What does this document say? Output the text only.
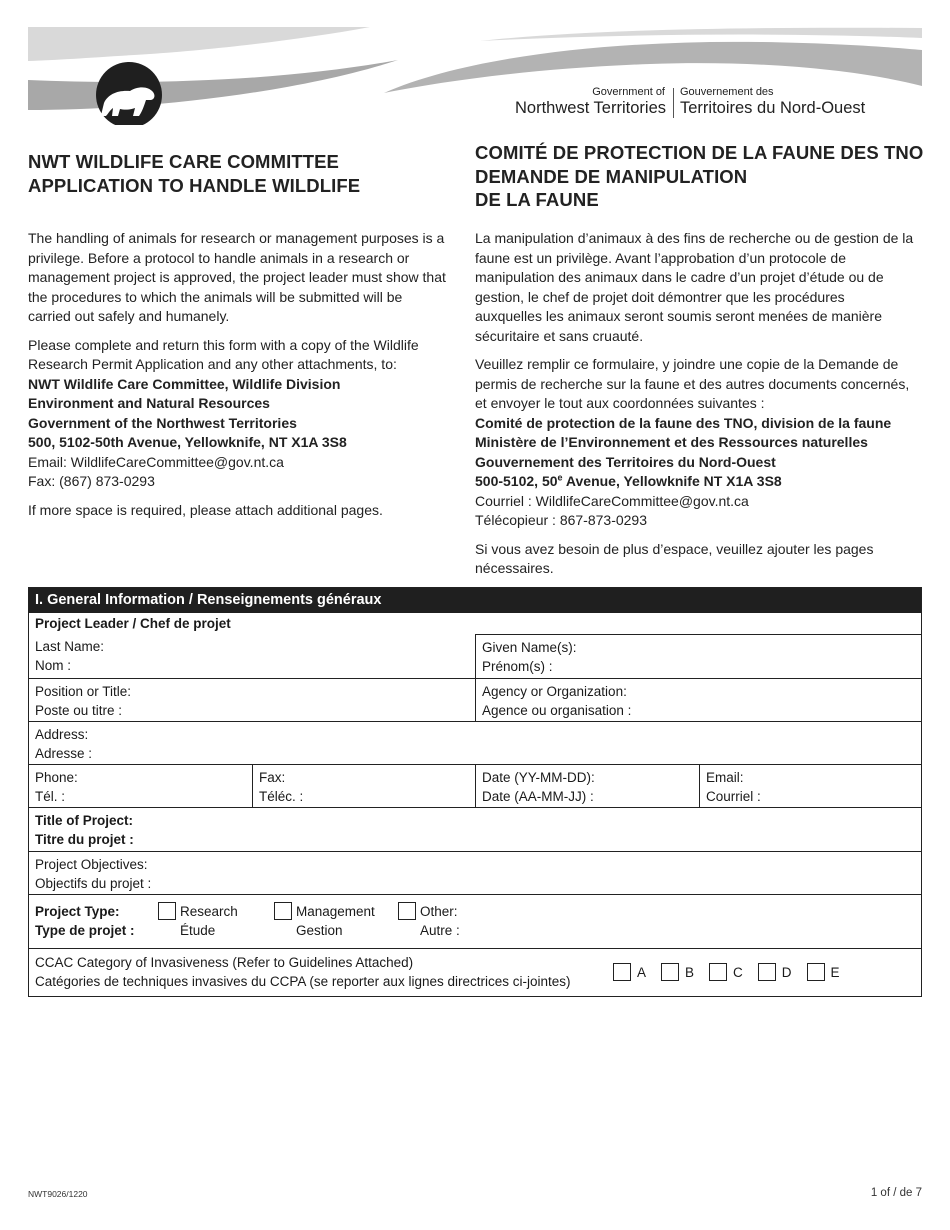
Government of
Northwest Territories
Gouvernement des
Territoires du Nord-Ouest
NWT WILDLIFE CARE COMMITTEE
APPLICATION TO HANDLE WILDLIFE
COMITÉ DE PROTECTION DE LA FAUNE DES TNO
DEMANDE DE MANIPULATION
DE LA FAUNE

The handling of animals for research or management purposes is a privilege. Before a protocol to handle animals in a research or management project is approved, the project leader must show that the procedures to which the animals will be submitted will be carried out safely and humanely.

Please complete and return this form with a copy of the Wildlife Research Permit Application and any other attachments, to:
NWT Wildlife Care Committee, Wildlife Division
Environment and Natural Resources
Government of the Northwest Territories
500, 5102-50th Avenue, Yellowknife, NT X1A 3S8
Email: WildlifeCareCommittee@gov.nt.ca
Fax: (867) 873-0293

If more space is required, please attach additional pages.

La manipulation d’animaux à des fins de recherche ou de gestion de la faune est un privilège. Avant l’approbation d’un protocole de manipulation des animaux dans le cadre d’un projet d’étude ou de gestion, le chef de projet doit démontrer que les procédures auxquelles les animaux seront soumis seront menées de manière sécuritaire et sans cruauté.

Veuillez remplir ce formulaire, y joindre une copie de la Demande de permis de recherche sur la faune et des autres documents concernés, et envoyer le tout aux coordonnées suivantes :
Comité de protection de la faune des TNO, division de la faune
Ministère de l’Environnement et des Ressources naturelles
Gouvernement des Territoires du Nord-Ouest
500-5102, 50e Avenue, Yellowknife NT X1A 3S8
Courriel : WildlifeCareCommittee@gov.nt.ca
Télécopieur : 867-873-0293

Si vous avez besoin de plus d’espace, veuillez ajouter les pages nécessaires.

I. General Information / Renseignements généraux
Project Leader / Chef de projet
Last Name:
Nom :
Given Name(s):
Prénom(s) :
Position or Title:
Poste ou titre :
Agency or Organization:
Agence ou organisation :
Address:
Adresse :
Phone:
Tél. :
Fax:
Téléc. :
Date (YY-MM-DD):
Date (AA-MM-JJ) :
Email:
Courriel :
Title of Project:
Titre du projet :
Project Objectives:
Objectifs du projet :
Project Type:
Type de projet :
Research
Étude
Management
Gestion
Other:
Autre :
CCAC Category of Invasiveness (Refer to Guidelines Attached)
Catégories de techniques invasives du CCPA (se reporter aux lignes directrices ci-jointes)
A	B	C	D	E
NWT9026/1220	1 of / de 7
